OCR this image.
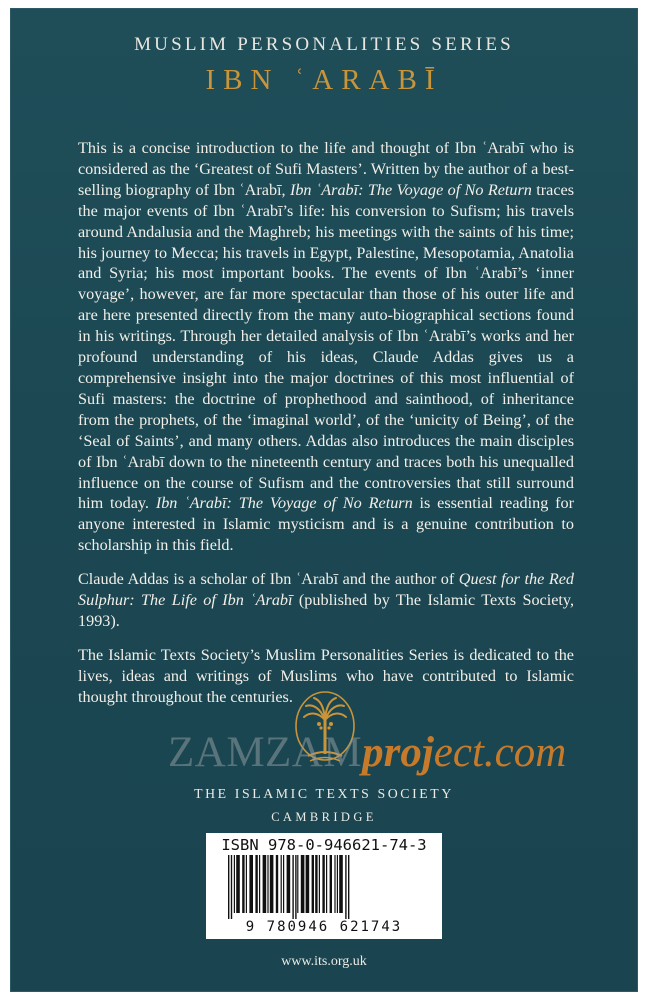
MUSLIM PERSONALITIES SERIES
IBN ʿARABĪ

This is a concise introduction to the life and thought of Ibn ʿArabī who is considered as the ‘Greatest of Sufi Masters’. Written by the author of a best-selling biography of Ibn ʿArabī, Ibn ʿArabī: The Voyage of No Return traces the major events of Ibn ʿArabī’s life: his conversion to Sufism; his travels around Andalusia and the Maghreb; his meetings with the saints of his time; his journey to Mecca; his travels in Egypt, Palestine, Mesopotamia, Anatolia and Syria; his most important books. The events of Ibn ʿArabī’s ‘inner voyage’, however, are far more spectacular than those of his outer life and are here presented directly from the many auto-biographical sections found in his writings. Through her detailed analysis of Ibn ʿArabī’s works and her profound understanding of his ideas, Claude Addas gives us a comprehensive insight into the major doctrines of this most influential of Sufi masters: the doctrine of prophethood and sainthood, of inheritance from the prophets, of the ‘imaginal world’, of the ‘unicity of Being’, of the ‘Seal of Saints’, and many others. Addas also introduces the main disciples of Ibn ʿArabī down to the nineteenth century and traces both his unequalled influence on the course of Sufism and the controversies that still surround him today. Ibn ʿArabī: The Voyage of No Return is essential reading for anyone interested in Islamic mysticism and is a genuine contribution to scholarship in this field.

Claude Addas is a scholar of Ibn ʿArabī and the author of Quest for the Red Sulphur: The Life of Ibn ʿArabī (published by The Islamic Texts Society, 1993).

The Islamic Texts Society’s Muslim Personalities Series is dedicated to the lives, ideas and writings of Muslims who have contributed to Islamic thought throughout the centuries.

ZAMZAMproject.com
THE ISLAMIC TEXTS SOCIETY
CAMBRIDGE
ISBN 978-0-946621-74-3
9 780946 621743
www.its.org.uk
